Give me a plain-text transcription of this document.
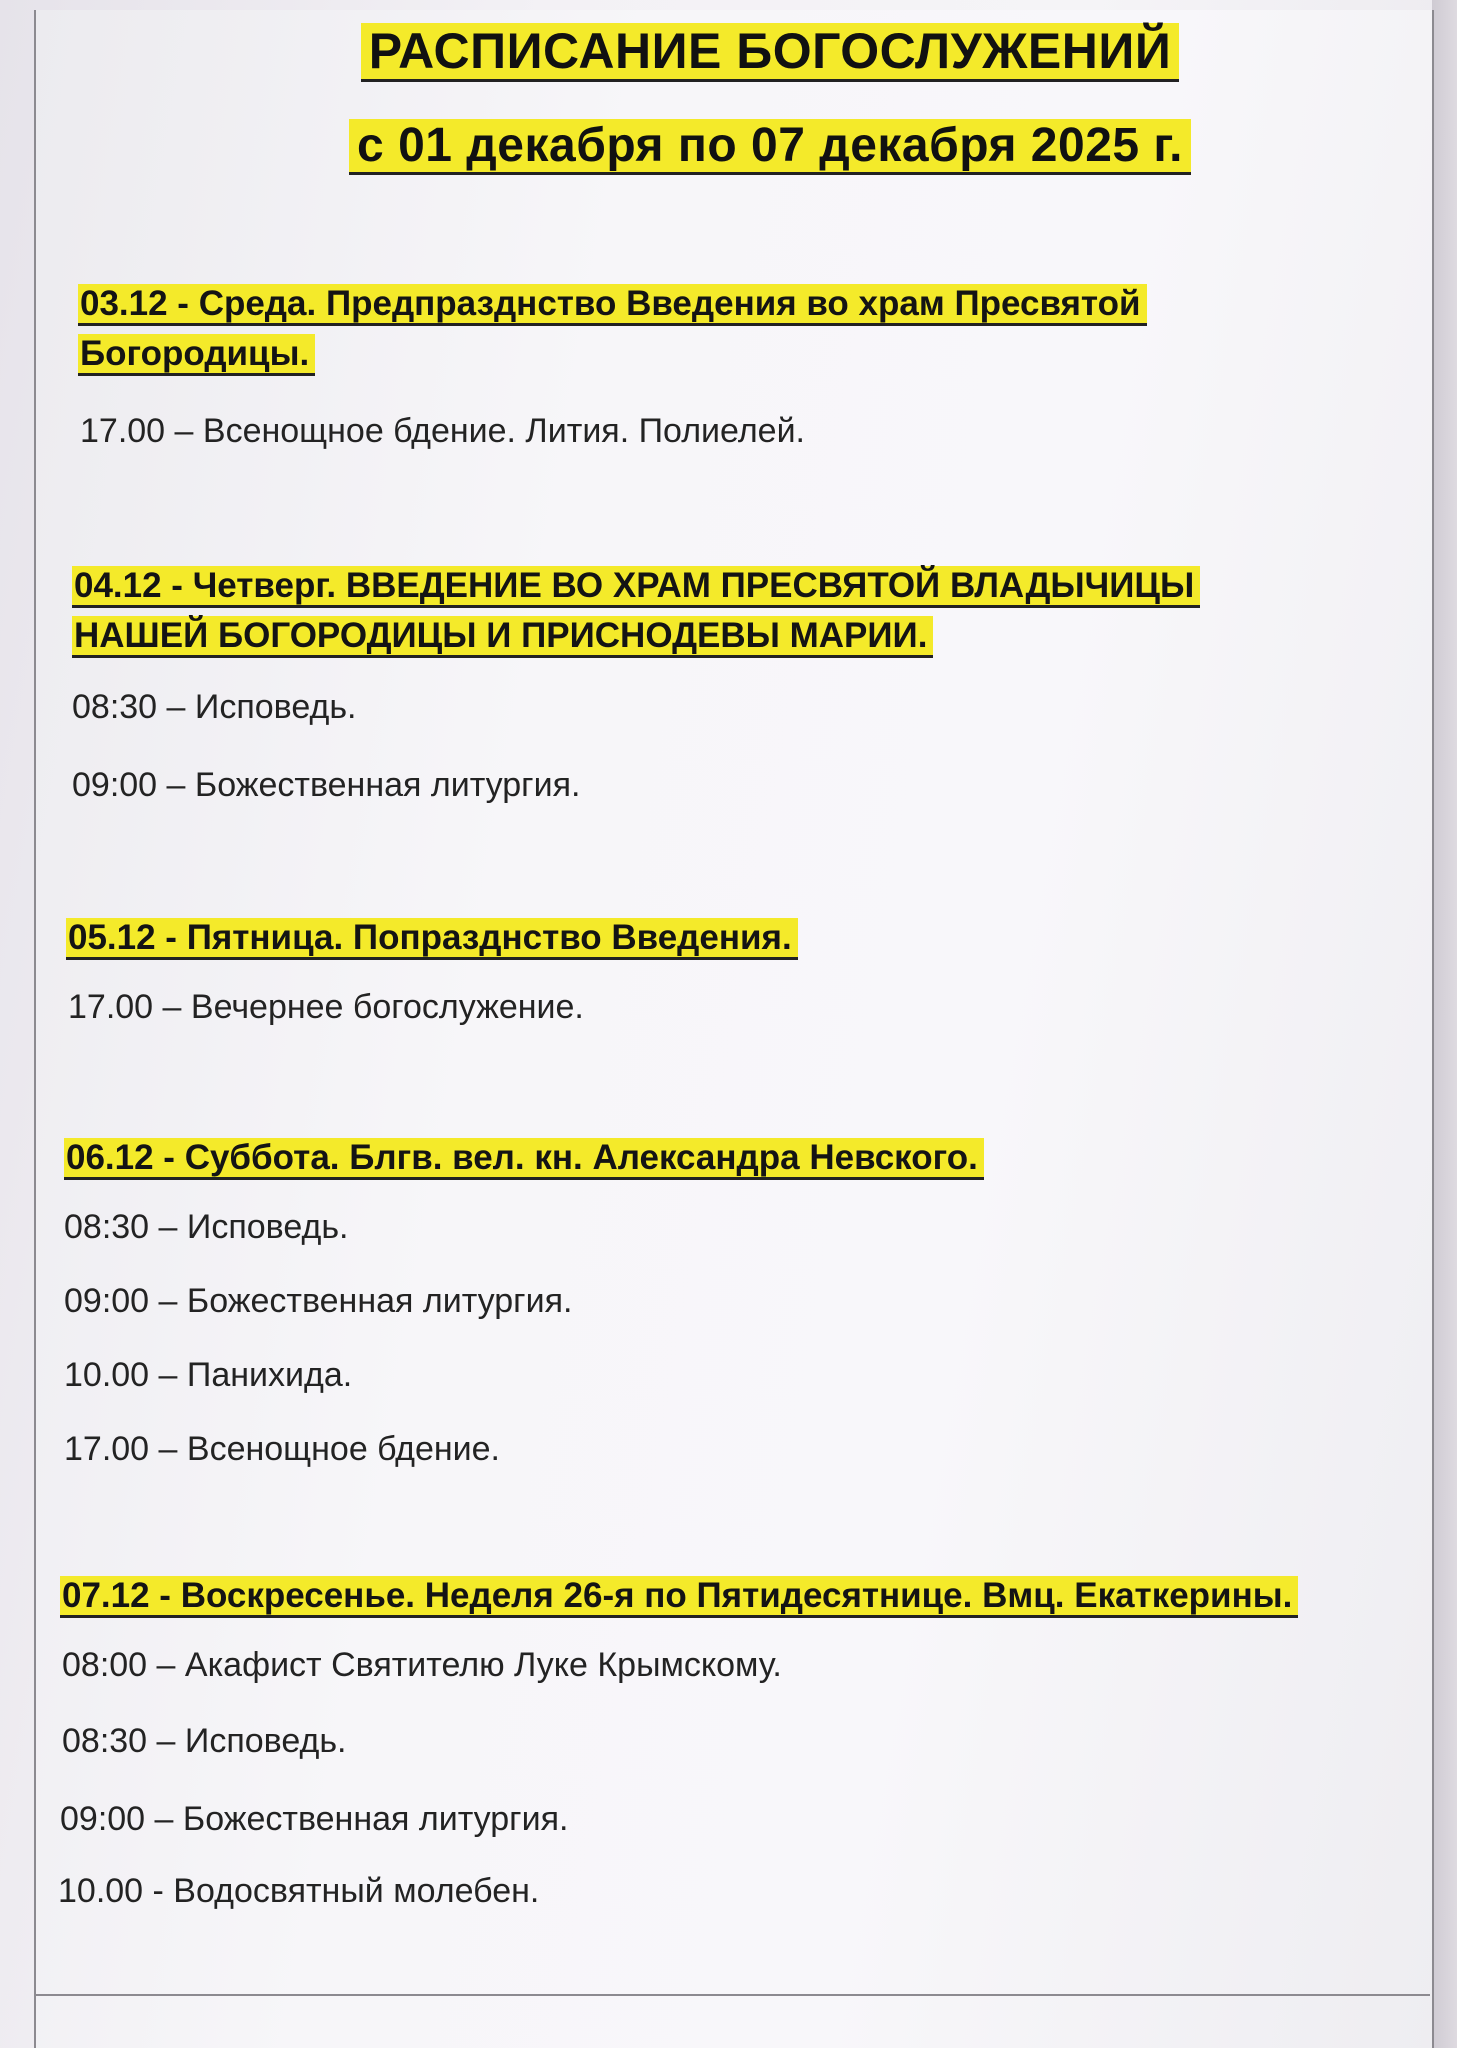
РАСПИСАНИЕ БОГОСЛУЖЕНИЙ
с 01 декабря по 07 декабря 2025 г.
03.12 - Среда. Предпразднство Введения во храм Пресвятой
Богородицы.
17.00 – Всенощное бдение. Лития. Полиелей.
04.12 - Четверг. ВВЕДЕНИЕ ВО ХРАМ ПРЕСВЯТОЙ ВЛАДЫЧИЦЫ
НАШЕЙ БОГОРОДИЦЫ И ПРИСНОДЕВЫ МАРИИ.
08:30 – Исповедь.
09:00 – Божественная литургия.
05.12 - Пятница. Попразднство Введения.
17.00 – Вечернее богослужение.
06.12 - Суббота. Блгв. вел. кн. Александра Невского.
08:30 – Исповедь.
09:00 – Божественная литургия.
10.00 – Панихида.
17.00 – Всенощное бдение.
07.12 - Воскресенье. Неделя 26-я по Пятидесятнице. Вмц. Екаткерины.
08:00 – Акафист Святителю Луке Крымскому.
08:30 – Исповедь.
09:00 – Божественная литургия.
10.00 - Водосвятный молебен.
